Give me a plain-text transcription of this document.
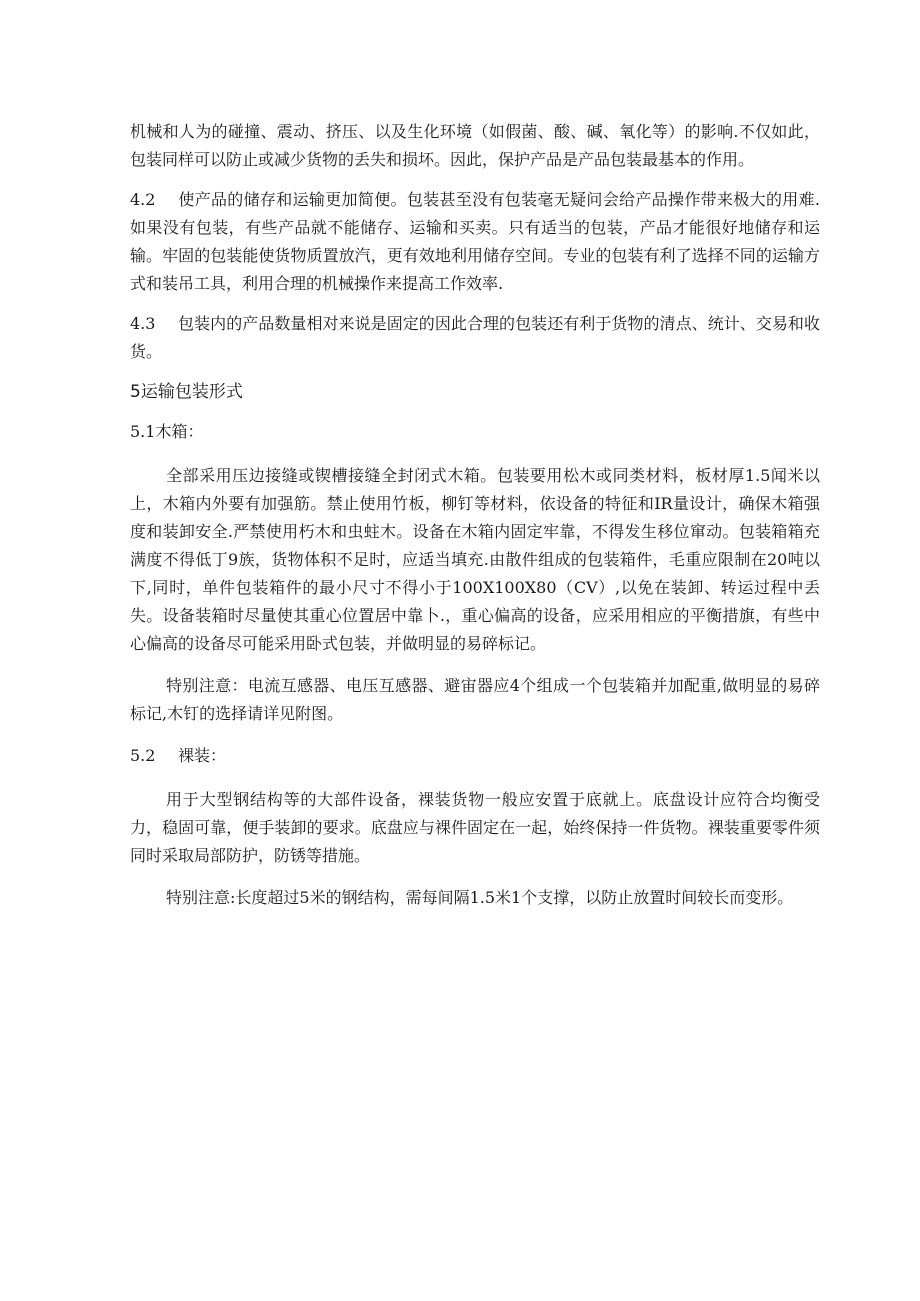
机械和人为的碰撞、震动、挤压、以及生化环境（如假菌、酸、碱、氧化等）的影响.不仅如此，包装同样可以防止或减少货物的丢失和损坏。因此，保护产品是产品包装最基本的作用。

4.2 使产品的储存和运输更加简便。包装甚至没有包装毫无疑问会给产品操作带来极大的用难.如果没有包装，有些产品就不能储存、运输和买卖。只有适当的包装，产品才能很好地储存和运输。牢固的包装能使货物质置放汽，更有效地利用储存空间。专业的包装有利了选择不同的运输方式和装吊工具，利用合理的机械操作来提高工作效率.

4.3 包装内的产品数量相对来说是固定的因此合理的包装还有利于货物的清点、统计、交易和收货。

5运输包装形式

5.1木箱：

全部采用压边接缝或锲槽接缝全封闭式木箱。包装要用松木或同类材料，板材厚1.5闻米以上，木箱内外要有加强筋。禁止使用竹板，柳钉等材料，依设备的特征和IR量设计，确保木箱强度和装卸安全.严禁使用朽木和虫蛀木。设备在木箱内固定牢靠，不得发生移位窜动。包装箱箱充满度不得低丁9族，货物体积不足时，应适当填充.由散件组成的包装箱件，毛重应限制在20吨以下,同时，单件包装箱件的最小尺寸不得小于100X100X80（CV）,以免在装卸、转运过程中丢失。设备装箱时尽量使其重心位置居中靠卜.，重心偏高的设备，应采用相应的平衡措旗，有些中心偏高的设备尽可能采用卧式包装，并做明显的易碎标记。

特别注意：电流互感器、电压互感器、避宙器应4个组成一个包装箱并加配重,做明显的易碎标记,木钉的选择请详见附图。

5.2 裸装：

用于大型钢结构等的大部件设备，裸装货物一般应安置于底就上。底盘设计应符合均衡受力，稳固可靠，便手装卸的要求。底盘应与裸件固定在一起，始终保持一件货物。裸装重要零件须同时采取局部防护，防锈等措施。

特别注意:长度超过5米的钢结构，需每间隔1.5米1个支撑，以防止放置时间较长而变形。
